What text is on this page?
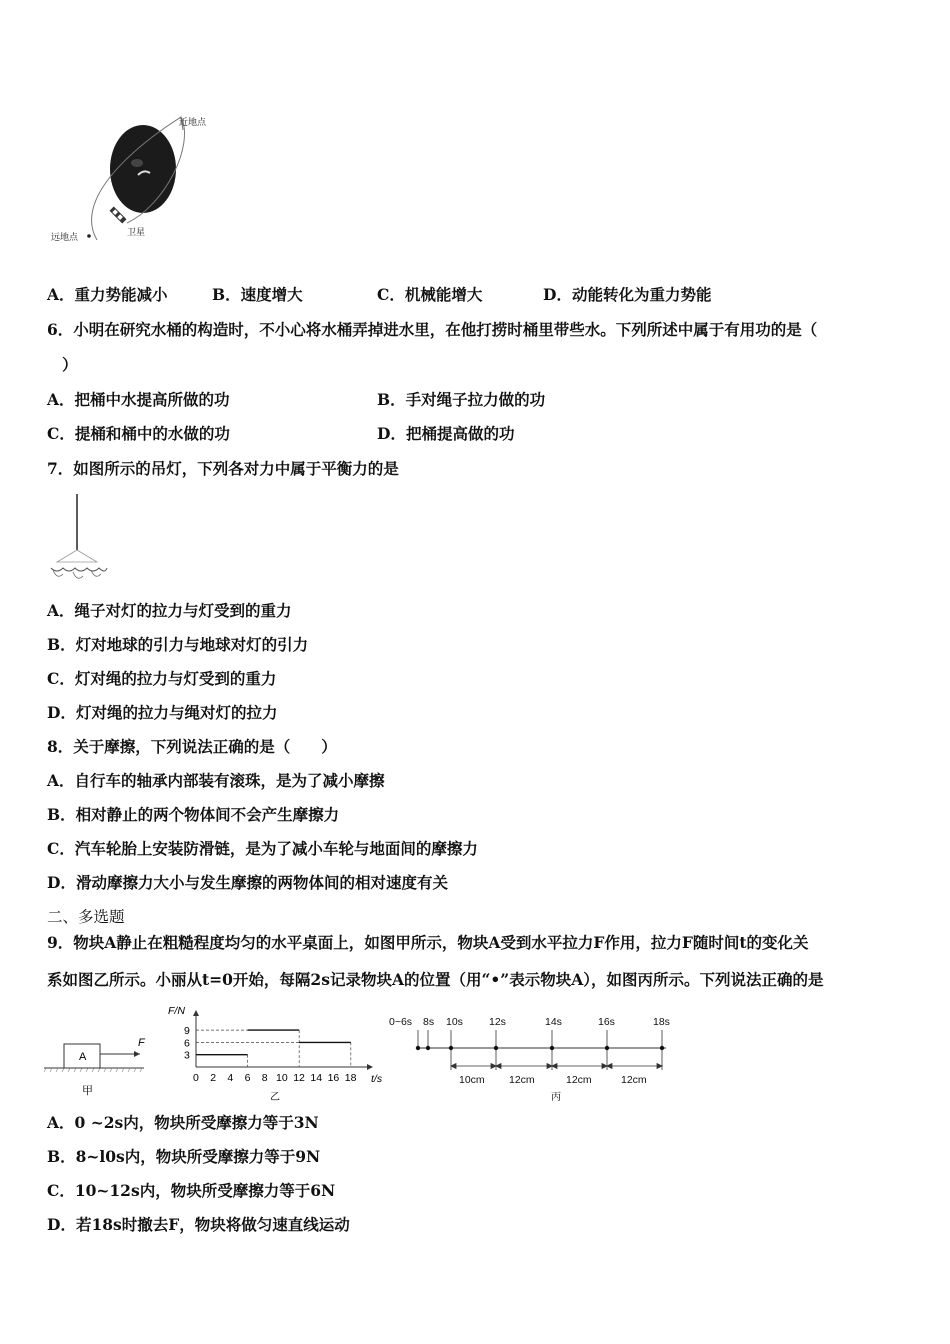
近地点
远地点	卫星
A．重力势能减小	B．速度增大	C．机械能增大	D．动能转化为重力势能
6．小明在研究水桶的构造时，不小心将水桶弄掉进水里，在他打捞时桶里带些水。下列所述中属于有用功的是（
）
A．把桶中水提高所做的功	B．手对绳子拉力做的功
C．提桶和桶中的水做的功	D．把桶提高做的功
7．如图所示的吊灯，下列各对力中属于平衡力的是
A．绳子对灯的拉力与灯受到的重力
B．灯对地球的引力与地球对灯的引力
C．灯对绳的拉力与灯受到的重力
D．灯对绳的拉力与绳对灯的拉力
8．关于摩擦，下列说法正确的是（　　）
A．自行车的轴承内部装有滚珠，是为了减小摩擦
B．相对静止的两个物体间不会产生摩擦力
C．汽车轮胎上安装防滑链，是为了减小车轮与地面间的摩擦力
D．滑动摩擦力大小与发生摩擦的两物体间的相对速度有关
二、多选题
9．物块A静止在粗糙程度均匀的水平桌面上，如图甲所示，物块A受到水平拉力F作用，拉力F随时间t的变化关
系如图乙所示。小丽从t=0开始，每隔2s记录物块A的位置（用“•”表示物块A），如图丙所示。下列说法正确的是
A
F
甲
F/N
t/s
乙
0 2 4 6 8 10 12 14 16 18
3
6
9
0~6s 8s 10s 12s	14s	16s	18s
10cm 12cm	12cm	12cm
丙
A．0 ~2s内，物块所受摩擦力等于3N
B．8~l0s内，物块所受摩擦力等于9N
C．10~12s内，物块所受摩擦力等于6N
D．若18s时撤去F，物块将做匀速直线运动
